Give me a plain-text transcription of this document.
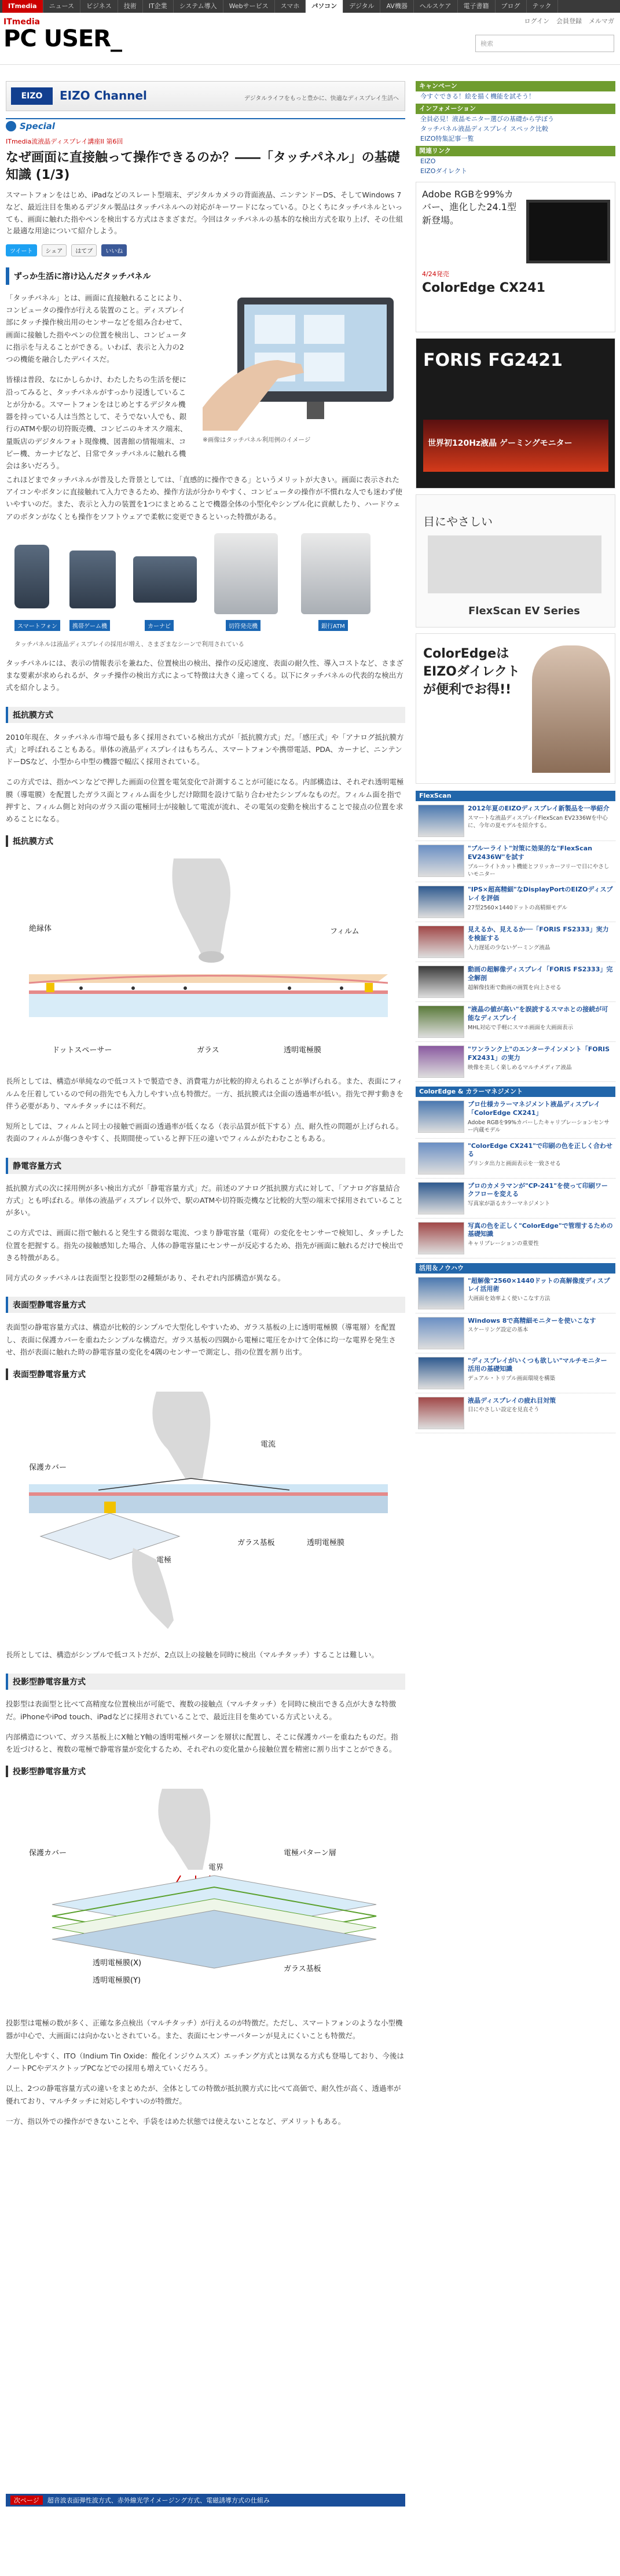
ITmedia	ニュース	ビジネス	技術	IT企業	システム導入	Webサービス	スマホ	パソコン	デジタル	AV機器	ヘルスケア	電子書籍	ブログ	テック
ITmedia
PC USER_
ログイン 会員登録 メルマガ
検索
EIZO	EIZO Channel	デジタルライフをもっと豊かに、快適なディスプレイ生活へ
Special
ITmedia流液晶ディスプレイ講座II 第6回
なぜ画面に直接触って操作できるのか？――「タッチパネル」の基礎知識 (1/3)

スマートフォンをはじめ、iPadなどのスレート型端末、デジタルカメラの背面液晶、ニンテンドーDS、そしてWindows 7など、最近注目を集めるデジタル製品はタッチパネルへの対応がキーワードになっている。ひとくちにタッチパネルといっても、画面に触れた指やペンを検出する方式はさまざまだ。今回はタッチパネルの基本的な検出方式を取り上げ、その仕組と最適な用途について紹介しよう。

ツイート	シェア	はてブ	いいね
ずっか生活に溶け込んだタッチパネル

「タッチパネル」とは、画面に直接触れることにより、コンピュータの操作が行える装置のこと。ディスプレイ部にタッチ操作検出用のセンサーなどを組み合わせて、画面に接触した指やペンの位置を検出し、コンピュータに指示を与えることができる。いわば、表示と入力の2つの機能を融合したデバイスだ。

皆様は普段、なにかしらかけ、わたしたちの生活を便に沿ってみると、タッチパネルがすっかり浸透していることが分かる。スマートフォンをはじめとするデジタル機器を持っている人は当然として、そうでない人でも、銀行のATMや駅の切符販売機、コンビニのキオスク端末、量販店のデジタルフォト現像機、図書館の情報端末、コピー機、カーナビなど、日常でタッチパネルに触れる機会は多いだろう。

※画像はタッチパネル利用例のイメージ

これほどまでタッチパネルが普及した背景としては、「直感的に操作できる」というメリットが大きい。画面に表示されたアイコンやボタンに直接触れて入力できるため、操作方法が分かりやすく、コンピュータの操作が不慣れな人でも迷わず使いやすいのだ。また、表示と入力の装置を1つにまとめることで機器全体の小型化やシンプル化に貢献したり、ハードウェアのボタンがなくとも操作をソフトウェアで柔軟に変更できるといった特徴がある。

スマートフォン	携帯ゲーム機	カーナビ	切符発売機	銀行ATM
タッチパネルは液晶ディスプレイの採用が増え、さまざまなシーンで利用されている

タッチパネルには、表示の情報表示を兼ねた、位置検出の検出、操作の反応速度、表面の耐久性、導入コストなど、さまざまな要素が求められるが、タッチ操作の検出方式によって特徴は大きく違ってくる。以下にタッチパネルの代表的な検出方式を紹介しよう。

抵抗膜方式

2010年現在、タッチパネル市場で最も多く採用されている検出方式が「抵抗膜方式」だ。「感圧式」や「アナログ抵抗膜方式」と呼ばれることもある。単体の液晶ディスプレイはもちろん、スマートフォンや携帯電話、PDA、カーナビ、ニンテンドーDSなど、小型から中型の機器で幅広く採用されている。

この方式では、指かペンなどで押した画面の位置を電気変化で計測することが可能になる。内部構造は、それぞれ透明電極膜（導電膜）を配置したガラス面とフィルム面を少しだけ隙間を設けて貼り合わせたシンプルなものだ。フィルム面を指で押すと、フィルム側と対向のガラス面の電極同士が接触して電流が流れ、その電気の変動を検出することで接点の位置を求めることになる。

抵抗膜方式
絶縁体	フィルム
ドットスペーサー	ガラス	透明電極膜

長所としては、構造が単純なので低コストで製造でき、消費電力が比較的抑えられることが挙げられる。また、表面にフィルムを圧着しているので何の指先でも入力しやすい点も特徴だ。一方、抵抗膜式は全面の透過率が低い。指先で押す動きを伴う必要があり、マルチタッチには不利だ。

短所としては、フィルムと同士の接触で画面の透過率が低くなる（表示品質が低下する）点、耐久性の問題が上げられる。表面のフィルムが傷つきやすく、長期間使っていると押下圧の違いでフィルムがたわむこともある。

静電容量方式

抵抗膜方式の次に採用例が多い検出方式が「静電容量方式」だ。前述のアナログ抵抗膜方式に対して、「アナログ容量結合方式」とも呼ばれる。単体の液晶ディスプレイ以外で、駅のATMや切符販売機など比較的大型の端末で採用されていることが多い。

この方式では、画面に指で触れると発生する微弱な電流、つまり静電容量（電荷）の変化をセンサーで検知し、タッチした位置を把握する。指先の接触感知した場合、人体の静電容量にセンサーが反応するため、指先が画面に触れるだけで検出できる特徴がある。

同方式のタッチパネルは表面型と投影型の2種類があり、それぞれ内部構造が異なる。

表面型静電容量方式

表面型の静電容量方式は、構造が比較的シンプルで大型化しやすいため、ガラス基板の上に透明電極膜（導電層）を配置し、表面に保護カバーを重ねたシンプルな構造だ。ガラス基板の四隅から電極に電圧をかけて全体に均一な電界を発生させ、指が表面に触れた時の静電容量の変化を4隅のセンサーで測定し、指の位置を割り出す。

表面型静電容量方式
保護カバー
電流
ガラス基板	透明電極膜
電極

長所としては、構造がシンプルで低コストだが、2点以上の接触を同時に検出（マルチタッチ）することは難しい。

投影型静電容量方式

投影型は表面型と比べて高精度な位置検出が可能で、複数の接触点（マルチタッチ）を同時に検出できる点が大きな特徴だ。iPhoneやiPod touch、iPadなどに採用されていることで、最近注目を集めている方式といえる。

内部構造について、ガラス基板上にX軸とY軸の透明電極パターンを層状に配置し、そこに保護カバーを重ねたものだ。指を近づけると、複数の電極で静電容量が変化するため、それぞれの変化量から接触位置を精密に割り出すことができる。

投影型静電容量方式
保護カバー	電極パターン層
電界
透明電極膜(X)
透明電極膜(Y)
ガラス基板

投影型は電極の数が多く、正確な多点検出（マルチタッチ）が行えるのが特徴だ。ただし、スマートフォンのような小型機器が中心で、大画面には向かないとされている。また、表面にセンサーパターンが見えにくいことも特徴だ。

大型化しやすく、ITO（Indium Tin Oxide：酸化インジウムスズ）エッチング方式とは異なる方式も登場しており、今後はノートPCやデスクトップPCなどでの採用も増えていくだろう。

以上、2つの静電容量方式の違いをまとめたが、全体としての特徴が抵抗膜方式に比べて高価で、耐久性が高く、透過率が優れており、マルチタッチに対応しやすいのが特徴だ。

一方、指以外での操作ができないことや、手袋をはめた状態では使えないことなど、デメリットもある。

次ページ	超音波表面弾性波方式、赤外線光学イメージング方式、電磁誘導方式の仕組み
キャンペーン
今すぐできる！絵を描く機能を試そう！
インフォメーション
全員必見！液晶モニター選びの基礎から学ぼう
タッチパネル液晶ディスプレイ スペック比較
EIZO特集記事一覧
関連リンク
EIZO
EIZOダイレクト
Adobe RGBを99%カバー、進化した24.1型新登場。
4/24発売
ColorEdge CX241
FORIS FG2421
世界初120Hz液晶 ゲーミングモニター
目にやさしい
FlexScan EV Series
ColorEdgeはEIZOダイレクトが便利でお得!!
FlexScan
2012年夏のEIZOディスプレイ新製品を一挙紹介
スマートな液晶ディスプレイFlexScan EV2336Wを中心に、今年の夏モデルを紹介する。
"ブルーライト"対策に効果的な"FlexScan EV2436W"を試す
ブルーライトカット機能とフリッカーフリーで目にやさしいモニター
"IPS×超高精細"なDisplayPortのEIZOディスプレイを評価
27型2560×1440ドットの高精細モデル
見えるか、見えるか──「FORIS FS2333」実力を検証する
入力遅延の少ないゲーミング液晶
動画の超解像ディスプレイ「FORIS FS2333」完全解剖
超解像技術で動画の画質を向上させる
"液晶の値が高い"を誤読するスマホとの接続が可能なディスプレイ
MHL対応で手軽にスマホ画面を大画面表示
"ワンランク上"のエンターテインメント「FORIS FX2431」の実力
映像を美しく楽しめるマルチメディア液晶
ColorEdge & カラーマネジメント
プロ仕様カラーマネジメント液晶ディスプレイ「ColorEdge CX241」
Adobe RGBを99%カバーしたキャリブレーションセンサー内蔵モデル
"ColorEdge CX241"で印刷の色を正しく合わせる
プリンタ出力と画面表示を一致させる
プロのカメラマンが"CP-241"を使って印刷ワークフローを変える
写真家が語るカラーマネジメント
写真の色を正しく"ColorEdge"で管理するための基礎知識
キャリブレーションの重要性
活用＆ノウハウ
"超解像"2560×1440ドットの高解像度ディスプレイ活用術
大画面を効率よく使いこなす方法
Windows 8で高精細モニターを使いこなす
スケーリング設定の基本
"ディスプレイがいくつも欲しい"マルチモニター活用の基礎知識
デュアル・トリプル画面環境を構築
液晶ディスプレイの疲れ目対策
目にやさしい設定を見直そう
